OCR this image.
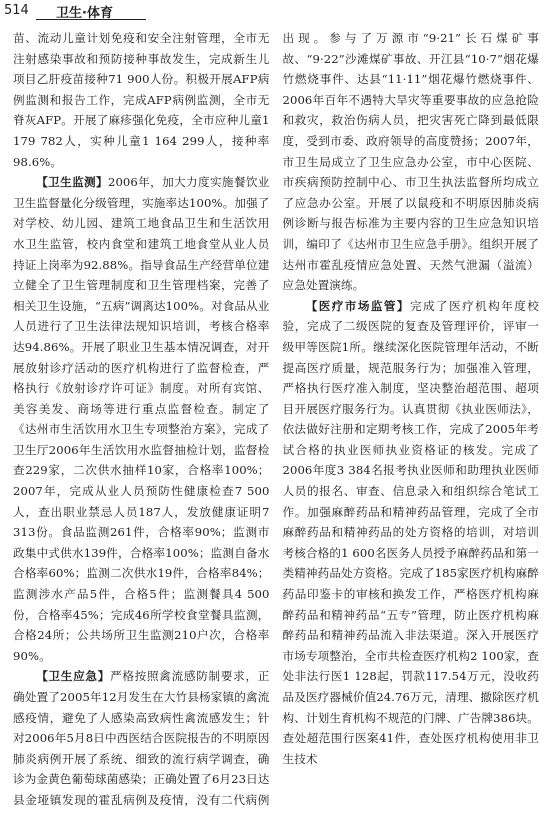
514 卫生·体育

苗、流动儿童计划免疫和安全注射管理，全市无注射感染事故和预防接种事故发生，完成新生儿项目乙肝疫苗接种71 900人份。积极开展AFP病例监测和报告工作，完成AFP病例监测，全市无脊灰AFP。开展了麻疹强化免疫，全市应种儿童1 179 782人，实种儿童1 164 299人，接种率98.6%。

【卫生监测】2006年，加大力度实施餐饮业卫生监督量化分级管理，实施率达100%。加强了对学校、幼儿园、建筑工地食品卫生和生活饮用水卫生监管，校内食堂和建筑工地食堂从业人员持证上岗率为92.88%。指导食品生产经营单位建立健全了卫生管理制度和卫生管理档案，完善了相关卫生设施，“五病”调离达100%。对食品从业人员进行了卫生法律法规知识培训，考核合格率达94.86%。开展了职业卫生基本情况调查，对开展放射诊疗活动的医疗机构进行了监督检查，严格执行《放射诊疗许可证》制度。对所有宾馆、美容美发、商场等进行重点监督检查。制定了《达州市生活饮用水卫生专项整治方案》，完成了卫生厅2006年生活饮用水监督抽检计划，监督检查229家，二次供水抽样10家，合格率100%；2007年，完成从业人员预防性健康检查7 500人，查出职业禁忌人员187人，发放健康证明7 313份。食品监测261件，合格率90%；监测市政集中式供水139件，合格率100%；监测自备水合格率60%；监测二次供水19件，合格率84%；监测涉水产品5件，合格5件；监测餐具4 500份，合格率45%；完成46所学校食堂餐具监测，合格24所；公共场所卫生监测210户次，合格率90%。

【卫生应急】严格按照禽流感防制要求，正确处置了2005年12月发生在大竹县杨家镇的禽流感疫情，避免了人感染高致病性禽流感发生；针对2006年5月8日中西医结合医院报告的不明原因肺炎病例开展了系统、细致的流行病学调查，确诊为金黄色葡萄球菌感染；正确处置了6月23日达县金垭镇发现的霍乱病例及疫情，没有二代病例出现。参与了万源市“9·21”长石煤矿事故、“9·22”沙滩煤矿事故、开江县“10·7”烟花爆竹燃烧事件、达县“11·11”烟花爆竹燃烧事件、2006年百年不遇特大旱灾等重要事故的应急抢险和救灾，救治伤病人员，把灾害死亡降到最低限度，受到市委、政府领导的高度赞扬；2007年，市卫生局成立了卫生应急办公室，市中心医院、市疾病预防控制中心、市卫生执法监督所均成立了应急办公室。开展了以鼠疫和不明原因肺炎病例诊断与报告标准为主要内容的卫生应急知识培训，编印了《达州市卫生应急手册》。组织开展了达州市霍乱疫情应急处置、天然气泄漏（溢流）应急处置演练。

【医疗市场监管】完成了医疗机构年度校验，完成了二级医院的复查及管理评价，评审一级甲等医院1所。继续深化医院管理年活动，不断提高医疗质量，规范服务行为；加强准入管理，严格执行医疗准入制度，坚决整治超范围、超项目开展医疗服务行为。认真贯彻《执业医师法》，依法做好注册和定期考核工作，完成了2005年考试合格的执业医师执业资格证的核发。完成了2006年度3 384名报考执业医师和助理执业医师人员的报名、审查、信息录入和组织综合笔试工作。加强麻醉药品和精神药品管理，完成了全市麻醉药品和精神药品的处方资格的培训，对培训考核合格的1 600名医务人员授予麻醉药品和第一类精神药品处方资格。完成了185家医疗机构麻醉药品印鉴卡的审核和换发工作，严格医疗机构麻醉药品和精神药品“五专”管理，防止医疗机构麻醉药品和精神药品流入非法渠道。深入开展医疗市场专项整治，全市共检查医疗机构2 100家，查处非法行医1 128起，罚款117.54万元，没收药品及医疗器械价值24.76万元，清理、撤除医疗机构、计划生育机构不规范的门牌、广告牌386块。查处超范围行医案41件，查处医疗机构使用非卫生技术
